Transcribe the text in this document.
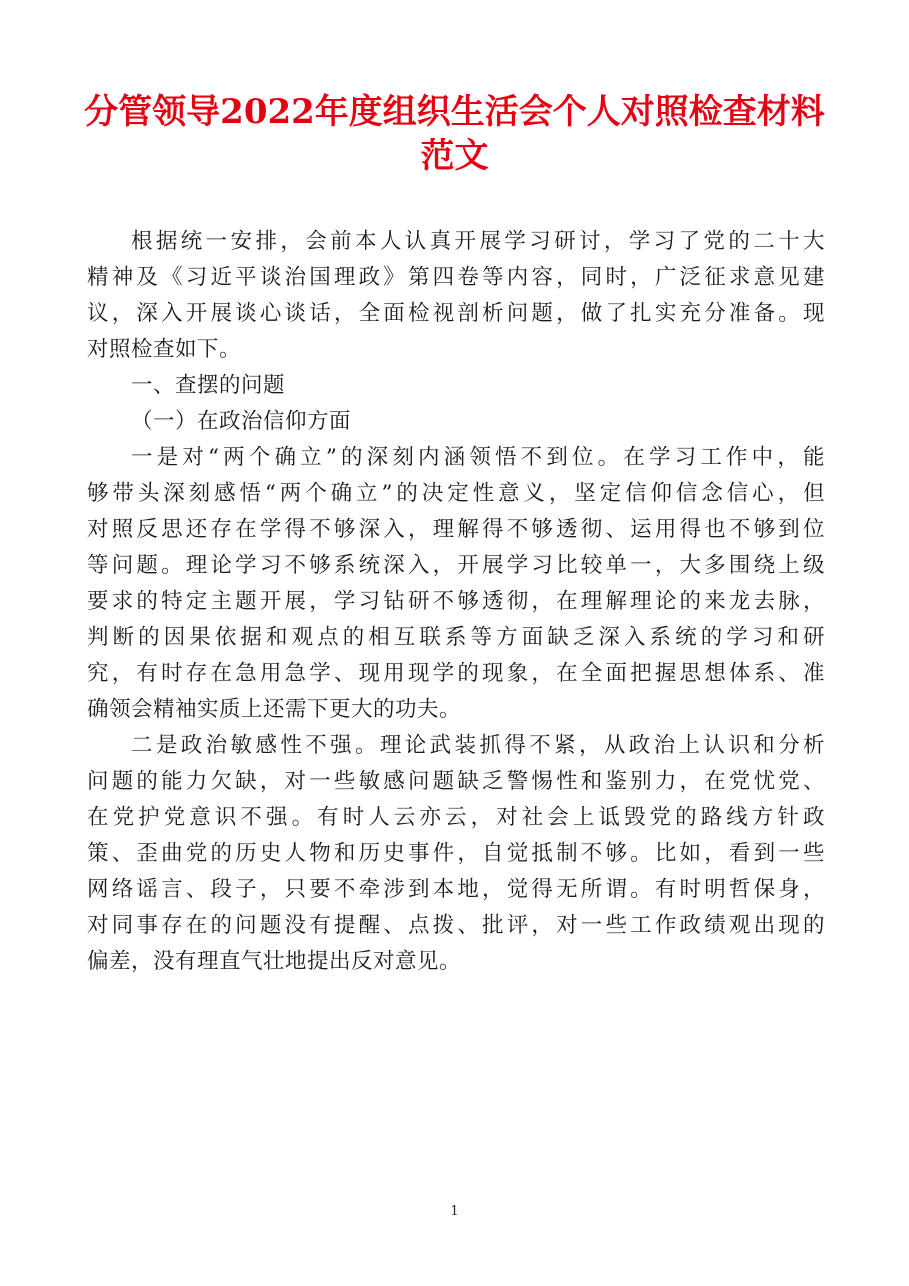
分管领导2022年度组织生活会个人对照检查材料
范文
根据统一安排，会前本人认真开展学习研讨，学习了党的二十大
精神及《习近平谈治国理政》第四卷等内容，同时，广泛征求意见建
议，深入开展谈心谈话，全面检视剖析问题，做了扎实充分准备。现
对照检查如下。
一、查摆的问题
（一）在政治信仰方面
一是对“两个确立”的深刻内涵领悟不到位。在学习工作中，能
够带头深刻感悟“两个确立”的决定性意义，坚定信仰信念信心，但
对照反思还存在学得不够深入，理解得不够透彻、运用得也不够到位
等问题。理论学习不够系统深入，开展学习比较单一，大多围绕上级
要求的特定主题开展，学习钻研不够透彻，在理解理论的来龙去脉，
判断的因果依据和观点的相互联系等方面缺乏深入系统的学习和研
究，有时存在急用急学、现用现学的现象，在全面把握思想体系、准
确领会精袖实质上还需下更大的功夫。
二是政治敏感性不强。理论武装抓得不紧，从政治上认识和分析
问题的能力欠缺，对一些敏感问题缺乏警惕性和鉴别力，在党忧党、
在党护党意识不强。有时人云亦云，对社会上诋毁党的路线方针政
策、歪曲党的历史人物和历史事件，自觉抵制不够。比如，看到一些
网络谣言、段子，只要不牵涉到本地，觉得无所谓。有时明哲保身，
对同事存在的问题没有提醒、点拨、批评，对一些工作政绩观出现的
偏差，没有理直气壮地提出反对意见。
1
